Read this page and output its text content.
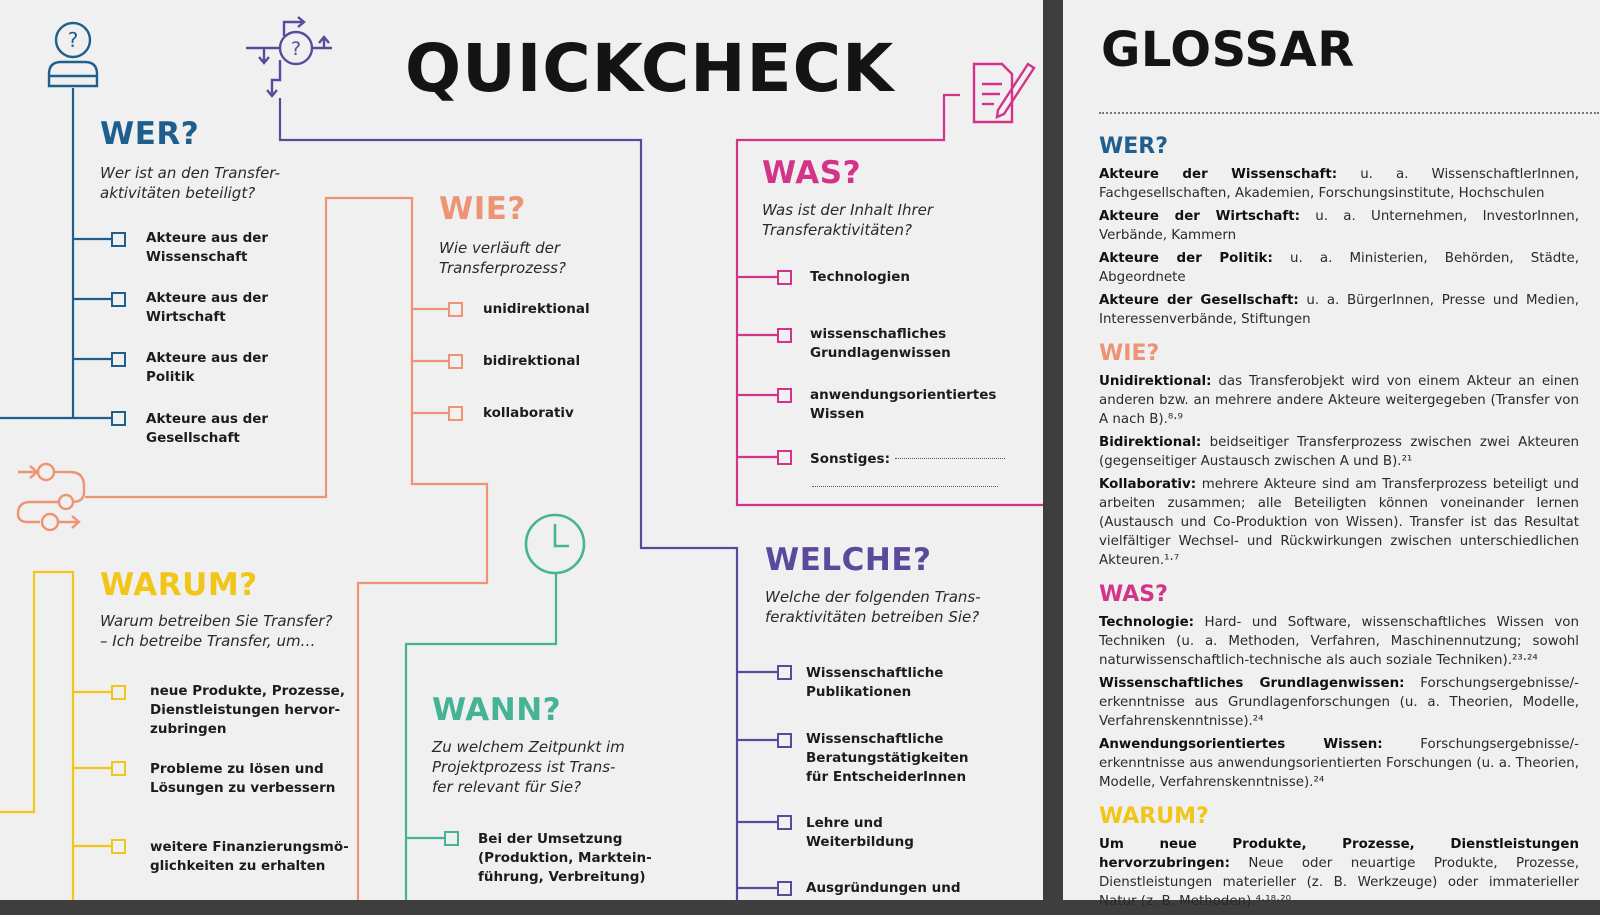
?	? QUICKCHECK
WER?
Wer ist an den Transfer-
aktivitäten beteiligt?
Akteure aus der
Wissenschaft
Akteure aus der
Wirtschaft
Akteure aus der
Politik
Akteure aus der
Gesellschaft
WIE?
Wie verläuft der
Transferprozess?
unidirektional
bidirektional
kollaborativ
WAS?
Was ist der Inhalt Ihrer
Transferaktivitäten?
Technologien
wissenschafliches
Grundlagenwissen
anwendungsorientiertes
Wissen
Sonstiges:
WELCHE?
Welche der folgenden Trans-
feraktivitäten betreiben Sie?
Wissenschaftliche
Publikationen
Wissenschaftliche
Beratungstätigkeiten
für EntscheiderInnen
Lehre und
Weiterbildung
Ausgründungen und
WARUM?
Warum betreiben Sie Transfer?
– Ich betreibe Transfer, um…
neue Produkte, Prozesse,
Dienstleistungen hervor-
zubringen
Probleme zu lösen und
Lösungen zu verbessern
weitere Finanzierungsmö-
glichkeiten zu erhalten
WANN?
Zu welchem Zeitpunkt im
Projektprozess ist Trans-
fer relevant für Sie?
Bei der Umsetzung
(Produktion, Marktein-
führung, Verbreitung)
GLOSSAR
WER?

Akteure der Wissenschaft: u. a. WissenschaftlerInnen, Fachgesellschaften, Akademien, Forschungsinstitute, Hochschulen

Akteure der Wirtschaft: u. a. Unternehmen, InvestorInnen, Verbände, Kammern

Akteure der Politik: u. a. Ministerien, Behörden, Städte, Abgeordnete

Akteure der Gesellschaft: u. a. BürgerInnen, Presse und Medien, Interessenverbände, Stiftungen

WIE?

Unidirektional: das Transferobjekt wird von einem Akteur an einen anderen bzw. an mehrere andere Akteure weitergegeben (Transfer von A nach B).⁸·⁹

Bidirektional: beidseitiger Transferprozess zwischen zwei Akteuren (gegenseitiger Austausch zwischen A und B).²¹

Kollaborativ: mehrere Akteure sind am Transferprozess beteiligt und arbeiten zusammen; alle Beteiligten können voneinander lernen (Austausch und Co-Produktion von Wissen). Transfer ist das Resultat vielfältiger Wechsel- und Rückwirkungen zwischen unterschiedlichen Akteuren.¹·⁷

WAS?

Technologie: Hard- und Software, wissenschaftliches Wissen von Techniken (u. a. Methoden, Verfahren, Maschinennutzung; sowohl naturwissenschaftlich-technische als auch soziale Techniken).²³·²⁴

Wissenschaftliches Grundlagenwissen: Forschungsergebnisse/-erkenntnisse aus Grundlagenforschungen (u. a. Theorien, Modelle, Verfahrenskenntnisse).²⁴

Anwendungsorientiertes Wissen: Forschungsergebnisse/-erkenntnisse aus anwendungsorientierten Forschungen (u. a. Theorien, Modelle, Verfahrenskenntnisse).²⁴

WARUM?

Um neue Produkte, Prozesse, Dienstleistungen hervorzubringen: Neue oder neuartige Produkte, Prozesse, Dienstleistungen materieller (z. B. Werkzeuge) oder immaterieller Natur (z. B. Methoden).⁴·¹⁸·²⁰
